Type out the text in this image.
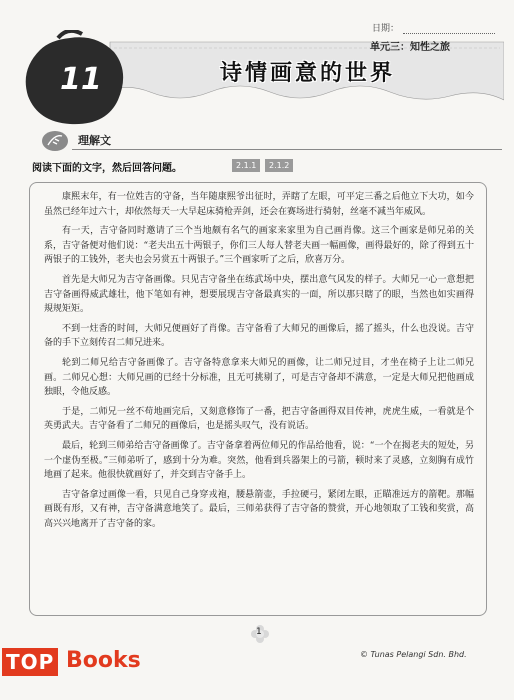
日期：
单元三：知性之旅
11	诗情画意的世界
理解文
阅读下面的文字，然后回答问题。	2.1.1	2.1.2

康熙末年，有一位姓吉的守备，当年随康熙爷出征时，弄瞎了左眼，可平定三番之后他立下大功，如今虽然已经年过六十，却依然每天一大早起床骑枪弄剑，还会在赛场进行骑射，丝毫不减当年威风。

有一天，吉守备同时邀请了三个当地颇有名气的画家来家里为自己画肖像。这三个画家是师兄弟的关系，吉守备便对他们说：“老夫出五十两银子，你们三人每人替老夫画一幅画像，画得最好的，除了得到五十两银子的工钱外，老夫也会另赏五十两银子。”三个画家听了之后，欣喜万分。

首先是大师兄为吉守备画像。只见吉守备坐在练武场中央，摆出意气风发的样子。大师兄一心一意想把吉守备画得威武雄壮，他下笔如有神，想要展现吉守备最真实的一面，所以那只瞎了的眼，当然也如实画得規规矩矩。

不到一炷香的时间，大师兄便画好了肖像。吉守备看了大师兄的画像后，摇了摇头，什么也没说。吉守备的手下立刻传召二师兄进来。

轮到二师兄给吉守备画像了。吉守备特意拿来大师兄的画像，让二师兄过目，才坐在椅子上让二师兄画。二师兄心想：大师兄画的已经十分标准，且无可挑剔了，可是吉守备却不满意，一定是大师兄把他画成独眼，令他反感。

于是，二师兄一丝不苟地画完后，又刻意修饰了一番，把吉守备画得双目传神，虎虎生威，一看就是个英勇武夫。吉守备看了二师兄的画像后，也是摇头叹气，没有说话。

最后，轮到三师弟给吉守备画像了。吉守备拿着两位师兄的作品给他看，说：“一个在揭老夫的短处，另一个虚伪至极。”三师弟听了，感到十分为难。突然，他看到兵器架上的弓箭，顿时来了灵感，立刻胸有成竹地画了起来。他很快就画好了，并交到吉守备手上。

吉守备拿过画像一看，只见自己身穿戎袍，腰悬箭壶，手拉硬弓，紧闭左眼，正瞄准远方的箭靶。那幅画既有形，又有神，吉守备满意地笑了。最后，三师弟获得了吉守备的赞赏，开心地领取了工钱和奖赏，高高兴兴地离开了吉守备的家。

1
© Tunas Pelangi Sdn. Bhd.
TOP Books
